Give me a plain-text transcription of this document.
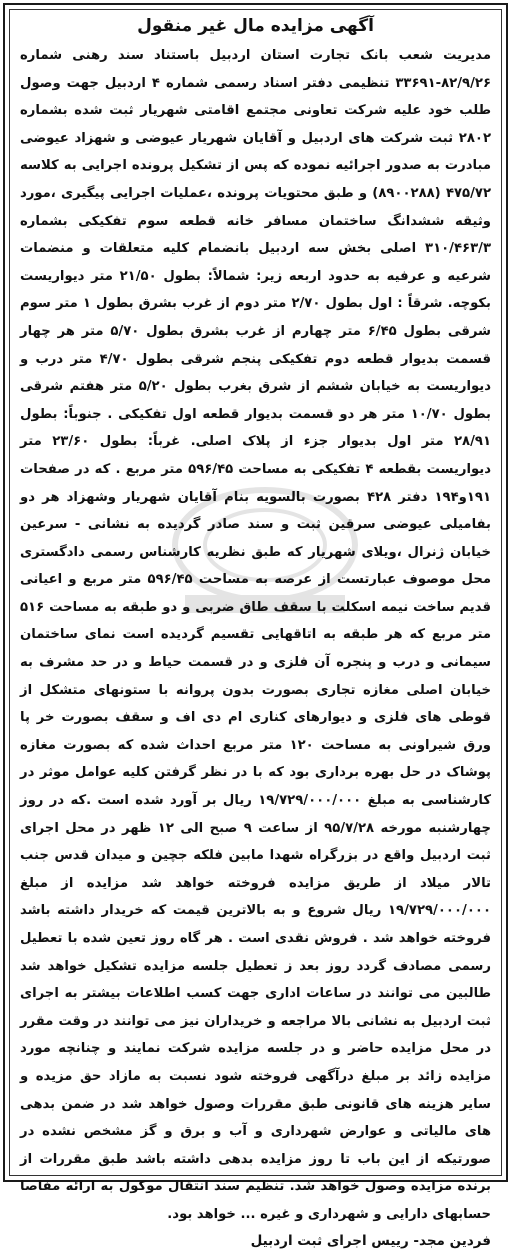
آگهی مزایده مال غیر منقول

مدیریت شعب بانک تجارت استان اردبیل باستناد سند رهنی شماره ۸۲/۹/۲۶-۳۳۶۹۱ تنظیمی دفتر اسناد رسمی شماره ۴ اردبیل جهت وصول طلب خود علیه شرکت تعاونی مجتمع اقامتی شهریار ثبت شده بشماره ۲۸۰۲ ثبت شرکت های اردبیل و آقایان شهریار عیوضی و شهزاد عیوضی مبادرت به صدور اجرائیه نموده که پس از تشکیل پرونده اجرایی به کلاسه ۴۷۵/۷۲ (۸۹۰۰۲۸۸) و طبق محتویات پرونده ،عملیات اجرایی پیگیری ،مورد وثیقه ششدانگ ساختمان مسافر خانه قطعه سوم تفکیکی بشماره ۳۱۰/۴۶۳/۳ اصلی بخش سه اردبیل بانضمام کلیه متعلقات و منضمات شرعیه و عرفیه به حدود اربعه زیر: شمالاً: بطول ۲۱/۵۰ متر دیواریست بکوچه. شرقاً : اول بطول ۲/۷۰ متر دوم از غرب بشرق بطول ۱ متر سوم شرقی بطول ۶/۴۵ متر چهارم از غرب بشرق بطول ۵/۷۰ متر هر چهار قسمت بدیوار قطعه دوم تفکیکی پنجم شرقی بطول ۴/۷۰ متر درب و دیواریست به خیابان ششم از شرق بغرب بطول ۵/۲۰ متر هفتم شرقی بطول ۱۰/۷۰ متر هر دو قسمت بدیوار قطعه اول تفکیکی . جنوباً: بطول ۲۸/۹۱ متر اول بدیوار جزء از پلاک اصلی. غرباً: بطول ۲۳/۶۰ متر دیواریست بقطعه ۴ تفکیکی به مساحت ۵۹۶/۴۵ متر مربع . که در صفحات ۱۹۱و۱۹۴ دفتر ۴۲۸ بصورت بالسویه بنام آقایان شهریار وشهزاد هر دو بفامیلی عیوضی سرقین ثبت و سند صادر گردیده به نشانی - سرعین خیابان ژنرال ،ویلای شهریار که طبق نظریه کارشناس رسمی دادگستری محل موصوف عبارتست از عرصه به مساحت ۵۹۶/۴۵ متر مربع و اعیانی قدیم ساخت نیمه اسکلت با سقف طاق ضربی و دو طبقه به مساحت ۵۱۶ متر مربع که هر طبقه به اتاقهایی تقسیم گردیده است نمای ساختمان سیمانی و درب و پنجره آن فلزی و در قسمت حیاط و در حد مشرف به خیابان اصلی مغازه تجاری بصورت بدون پروانه با ستونهای متشکل از قوطی های فلزی و دیوارهای کناری ام دی اف و سقف بصورت خر پا ورق شیراونی به مساحت ۱۲۰ متر مربع احداث شده که بصورت مغازه پوشاک در حل بهره برداری بود که با در نظر گرفتن کلیه عوامل موثر در کارشناسی به مبلغ ۱۹/۷۲۹/۰۰۰/۰۰۰ ریال بر آورد شده است .که در روز چهارشنبه مورخه ۹۵/۷/۲۸ از ساعت ۹ صبح الی ۱۲ ظهر در محل اجرای ثبت اردبیل واقع در بزرگراه شهدا مابین فلکه جچین و میدان قدس جنب تالار میلاد از طریق مزایده فروخته خواهد شد مزایده از مبلغ ۱۹/۷۲۹/۰۰۰/۰۰۰ ریال شروع و به بالاترین قیمت که خریدار داشته باشد فروخته خواهد شد . فروش نقدی است . هر گاه روز تعین شده با تعطیل رسمی مصادف گردد روز بعد ز تعطیل جلسه مزایده تشکیل خواهد شد طالبین می توانند در ساعات اداری جهت کسب اطلاعات بیشتر به اجرای ثبت اردبیل به نشانی بالا مراجعه و خریداران نیز می توانند در وقت مقرر در محل مزایده حاضر و در جلسه مزایده شرکت نمایند و چنانچه مورد مزایده زائد بر مبلغ درآگهی فروخته شود نسبت به مازاد حق مزیده و سایر هزینه های قانونی طبق مقررات وصول خواهد شد در ضمن بدهی های مالیاتی و عوارض شهرداری و آب و برق و گز مشخص نشده در صورتیکه از این باب تا روز مزایده بدهی داشته باشد طبق مقررات از برنده مزایده وصول خواهد شد. تنظیم سند انتقال موکول به ارائه مفاصا حسابهای دارایی و شهرداری و غیره ... خواهد بود.

فردین مجد- رییس اجرای ثبت اردبیل
